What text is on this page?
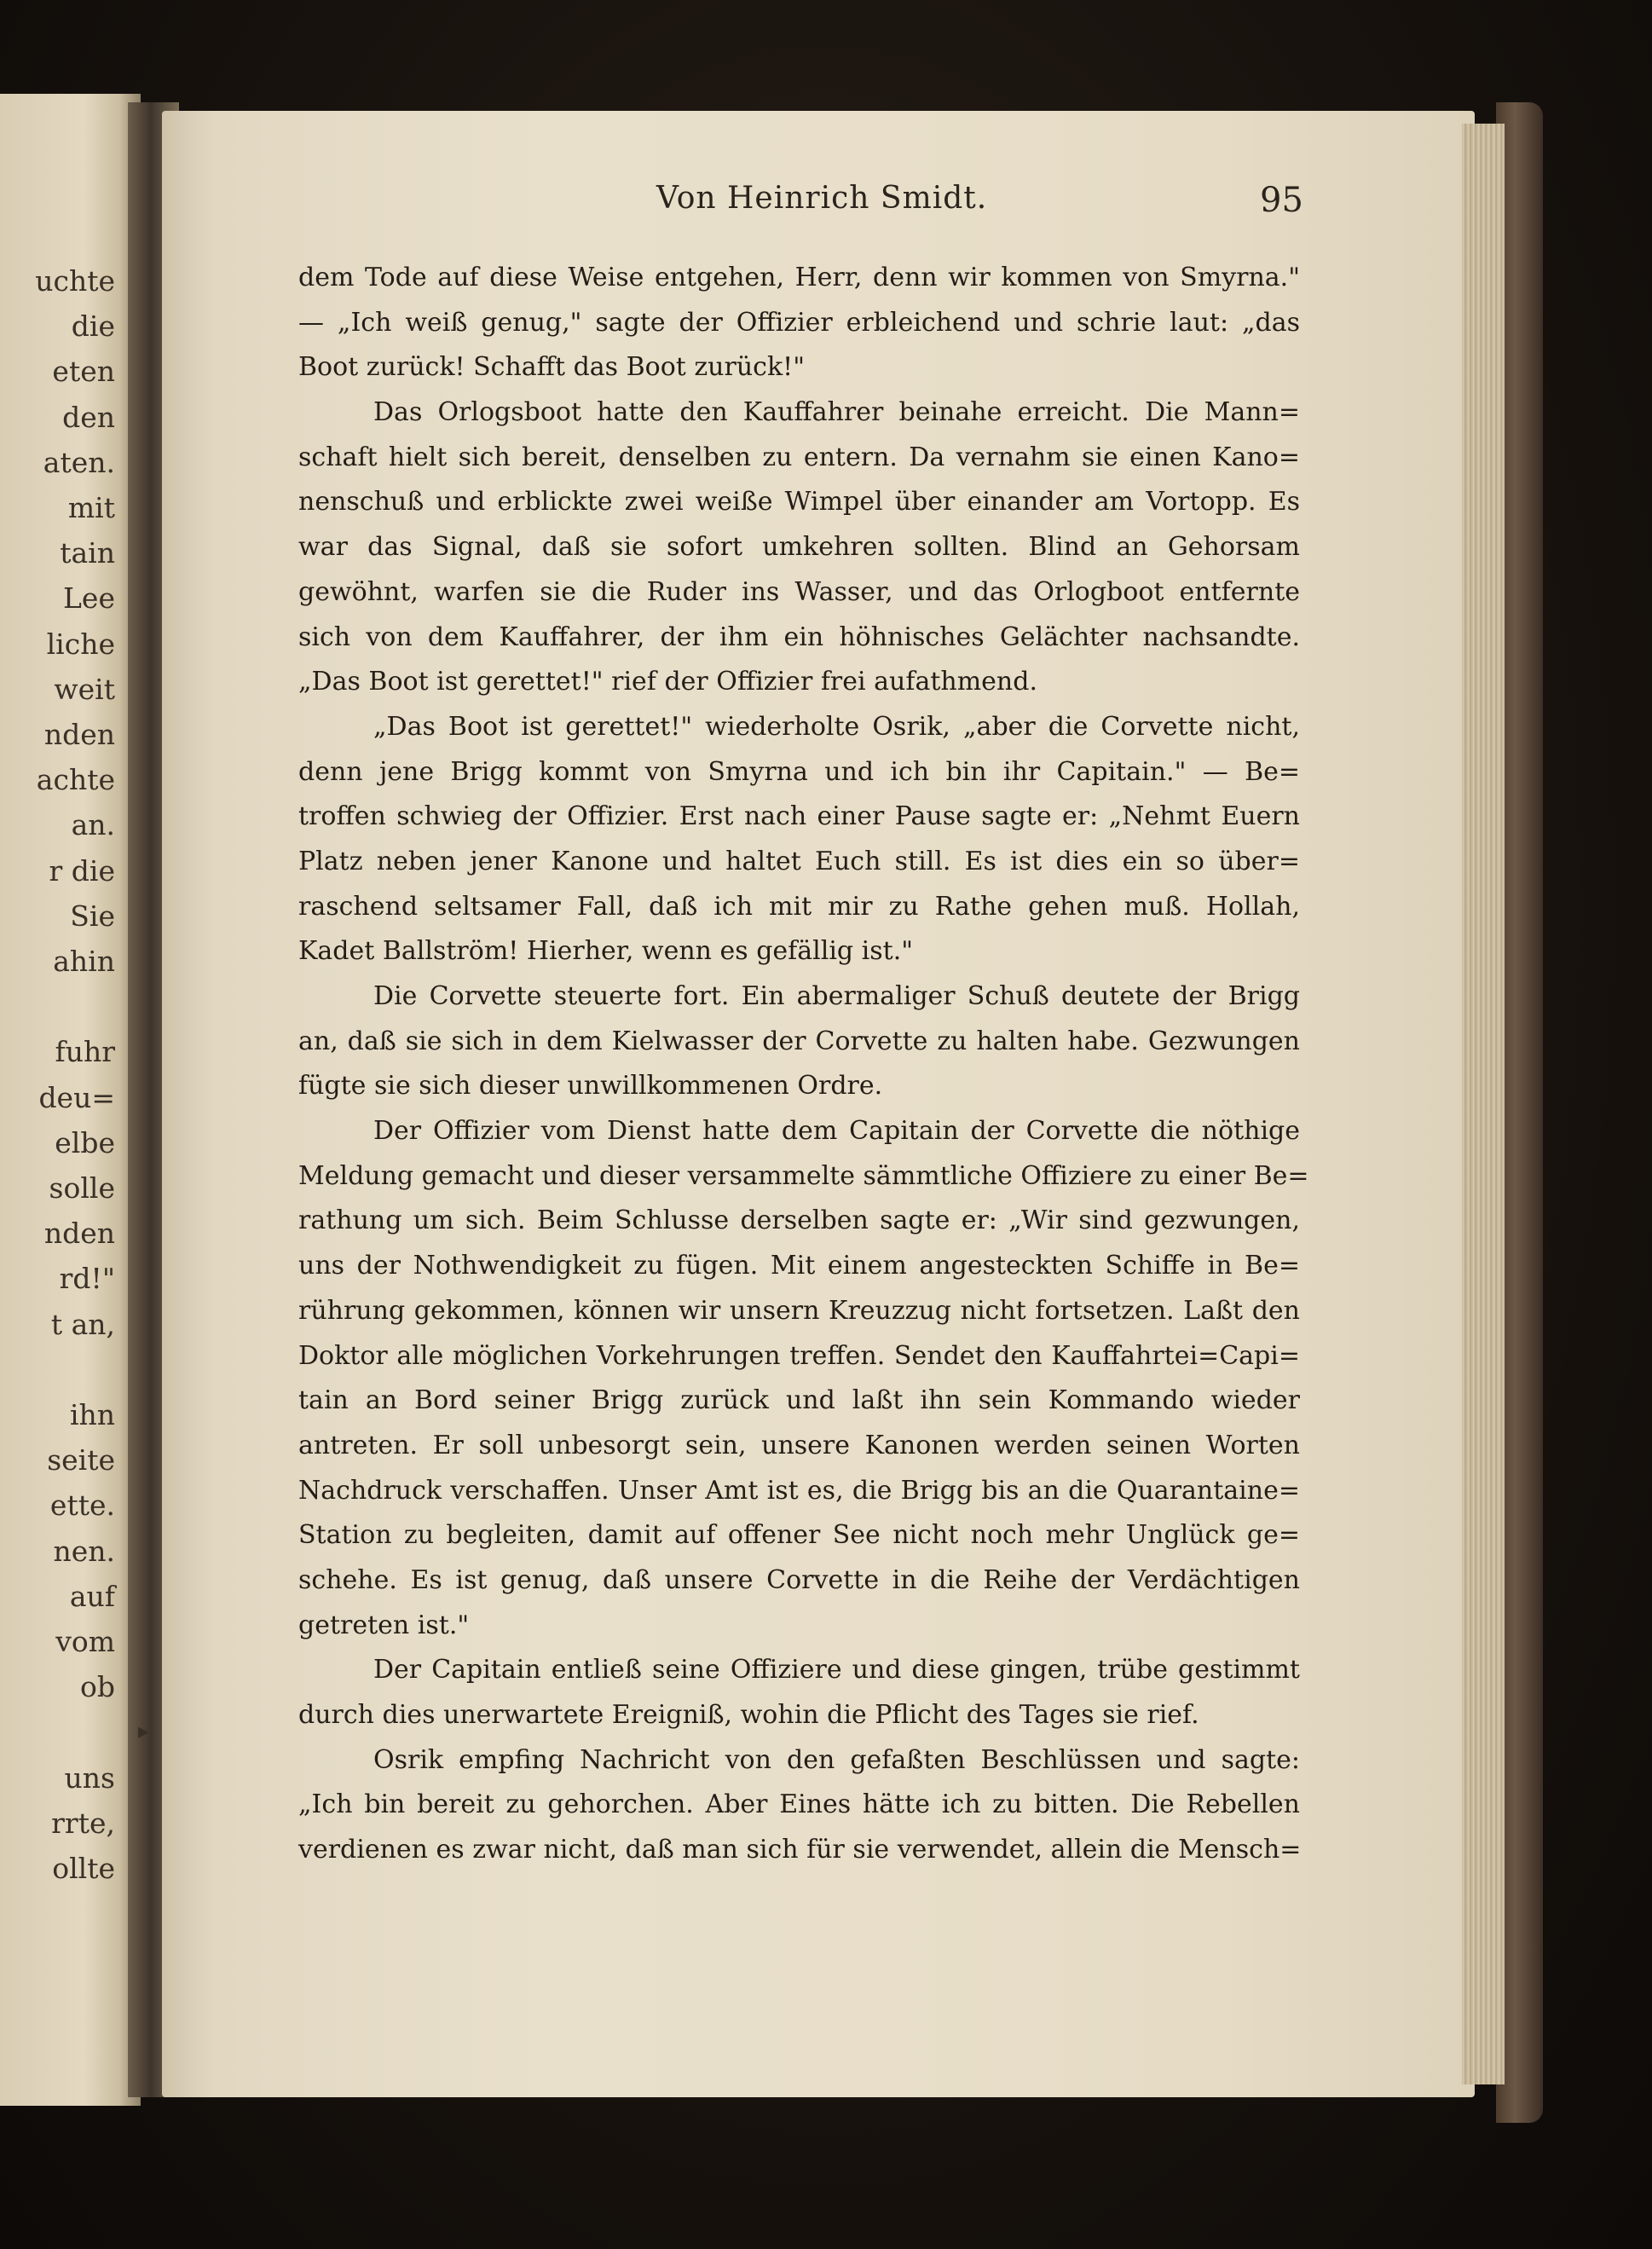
uchte
die
eten
den
aten.
mit
tain
Lee
liche
weit
nden
achte
an.
r die
Sie
ahin
fuhr
deu=
elbe
solle
nden
rd!"
t an,
ihn
seite
ette.
nen.
auf
vom
ob
uns
rrte,
ollte
▸
Von Heinrich Smidt.	95
dem Tode auf diese Weise entgehen, Herr, denn wir kommen von Smyrna."
— „Ich weiß genug," sagte der Offizier erbleichend und schrie laut: „das
Boot zurück! Schafft das Boot zurück!"
Das Orlogsboot hatte den Kauffahrer beinahe erreicht. Die Mann=
schaft hielt sich bereit, denselben zu entern. Da vernahm sie einen Kano=
nenschuß und erblickte zwei weiße Wimpel über einander am Vortopp. Es
war das Signal, daß sie sofort umkehren sollten. Blind an Gehorsam
gewöhnt, warfen sie die Ruder ins Wasser, und das Orlogboot entfernte
sich von dem Kauffahrer, der ihm ein höhnisches Gelächter nachsandte.
„Das Boot ist gerettet!" rief der Offizier frei aufathmend.
„Das Boot ist gerettet!" wiederholte Osrik, „aber die Corvette nicht,
denn jene Brigg kommt von Smyrna und ich bin ihr Capitain." — Be=
troffen schwieg der Offizier. Erst nach einer Pause sagte er: „Nehmt Euern
Platz neben jener Kanone und haltet Euch still. Es ist dies ein so über=
raschend seltsamer Fall, daß ich mit mir zu Rathe gehen muß. Hollah,
Kadet Ballström! Hierher, wenn es gefällig ist."
Die Corvette steuerte fort. Ein abermaliger Schuß deutete der Brigg
an, daß sie sich in dem Kielwasser der Corvette zu halten habe. Gezwungen
fügte sie sich dieser unwillkommenen Ordre.
Der Offizier vom Dienst hatte dem Capitain der Corvette die nöthige
Meldung gemacht und dieser versammelte sämmtliche Offiziere zu einer Be=
rathung um sich. Beim Schlusse derselben sagte er: „Wir sind gezwungen,
uns der Nothwendigkeit zu fügen. Mit einem angesteckten Schiffe in Be=
rührung gekommen, können wir unsern Kreuzzug nicht fortsetzen. Laßt den
Doktor alle möglichen Vorkehrungen treffen. Sendet den Kauffahrtei=Capi=
tain an Bord seiner Brigg zurück und laßt ihn sein Kommando wieder
antreten. Er soll unbesorgt sein, unsere Kanonen werden seinen Worten
Nachdruck verschaffen. Unser Amt ist es, die Brigg bis an die Quarantaine=
Station zu begleiten, damit auf offener See nicht noch mehr Unglück ge=
schehe. Es ist genug, daß unsere Corvette in die Reihe der Verdächtigen
getreten ist."
Der Capitain entließ seine Offiziere und diese gingen, trübe gestimmt
durch dies unerwartete Ereigniß, wohin die Pflicht des Tages sie rief.
Osrik empfing Nachricht von den gefaßten Beschlüssen und sagte:
„Ich bin bereit zu gehorchen. Aber Eines hätte ich zu bitten. Die Rebellen
verdienen es zwar nicht, daß man sich für sie verwendet, allein die Mensch=
